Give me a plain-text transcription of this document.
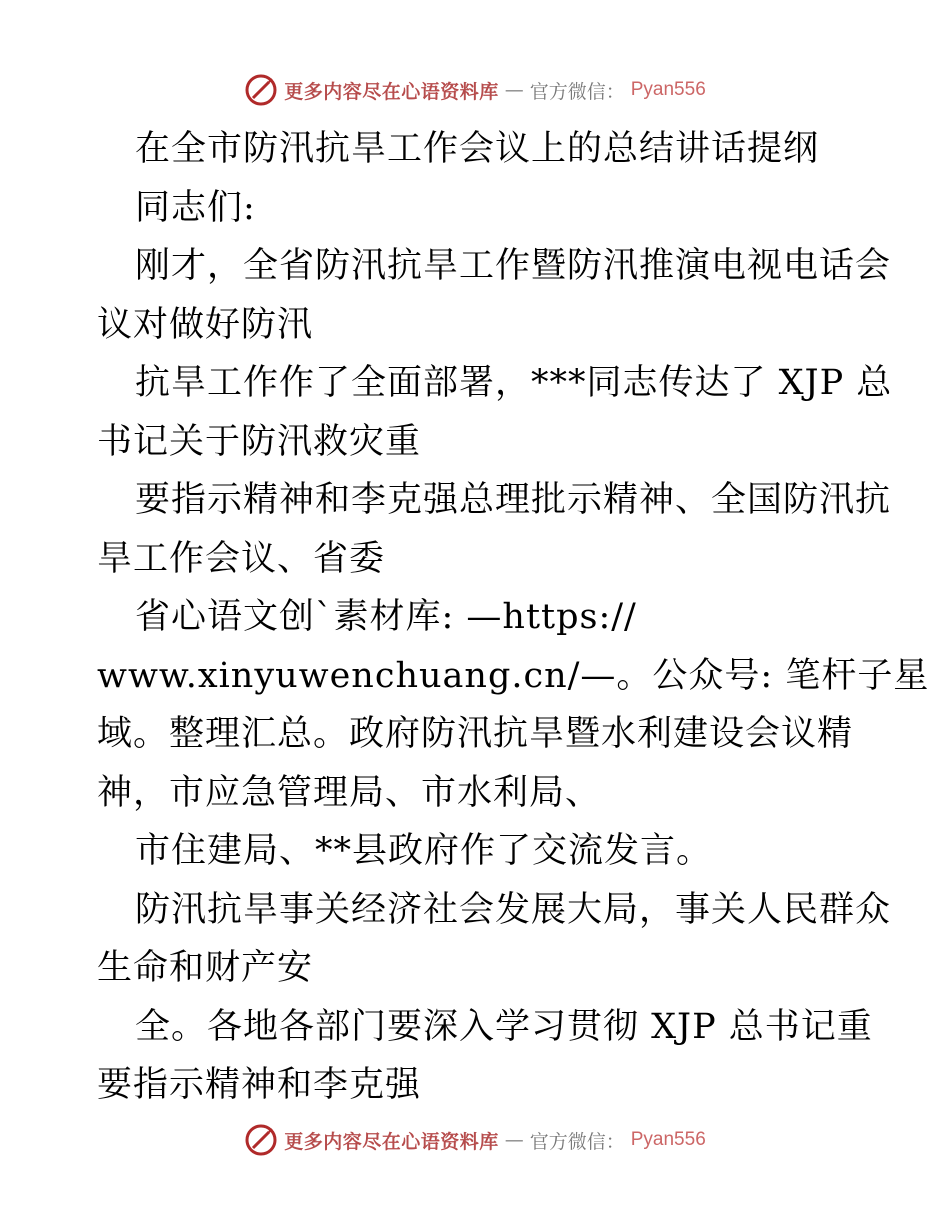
更多内容尽在心语资料库 — 官方微信： Pyan556
在全市防汛抗旱工作会议上的总结讲话提纲
同志们:
刚才，全省防汛抗旱工作暨防汛推演电视电话会
议对做好防汛
抗旱工作作了全面部署，***同志传达了 XJP 总
书记关于防汛救灾重
要指示精神和李克强总理批示精神、全国防汛抗
旱工作会议、省委
省心语文创`素材库: —https://
www.xinyuwenchuang.cn/—。公众号: 笔杆子星
域。整理汇总。政府防汛抗旱暨水利建设会议精
神，市应急管理局、市水利局、
市住建局、**县政府作了交流发言。
防汛抗旱事关经济社会发展大局，事关人民群众
生命和财产安
全。各地各部门要深入学习贯彻 XJP 总书记重
要指示精神和李克强
更多内容尽在心语资料库 — 官方微信： Pyan556
